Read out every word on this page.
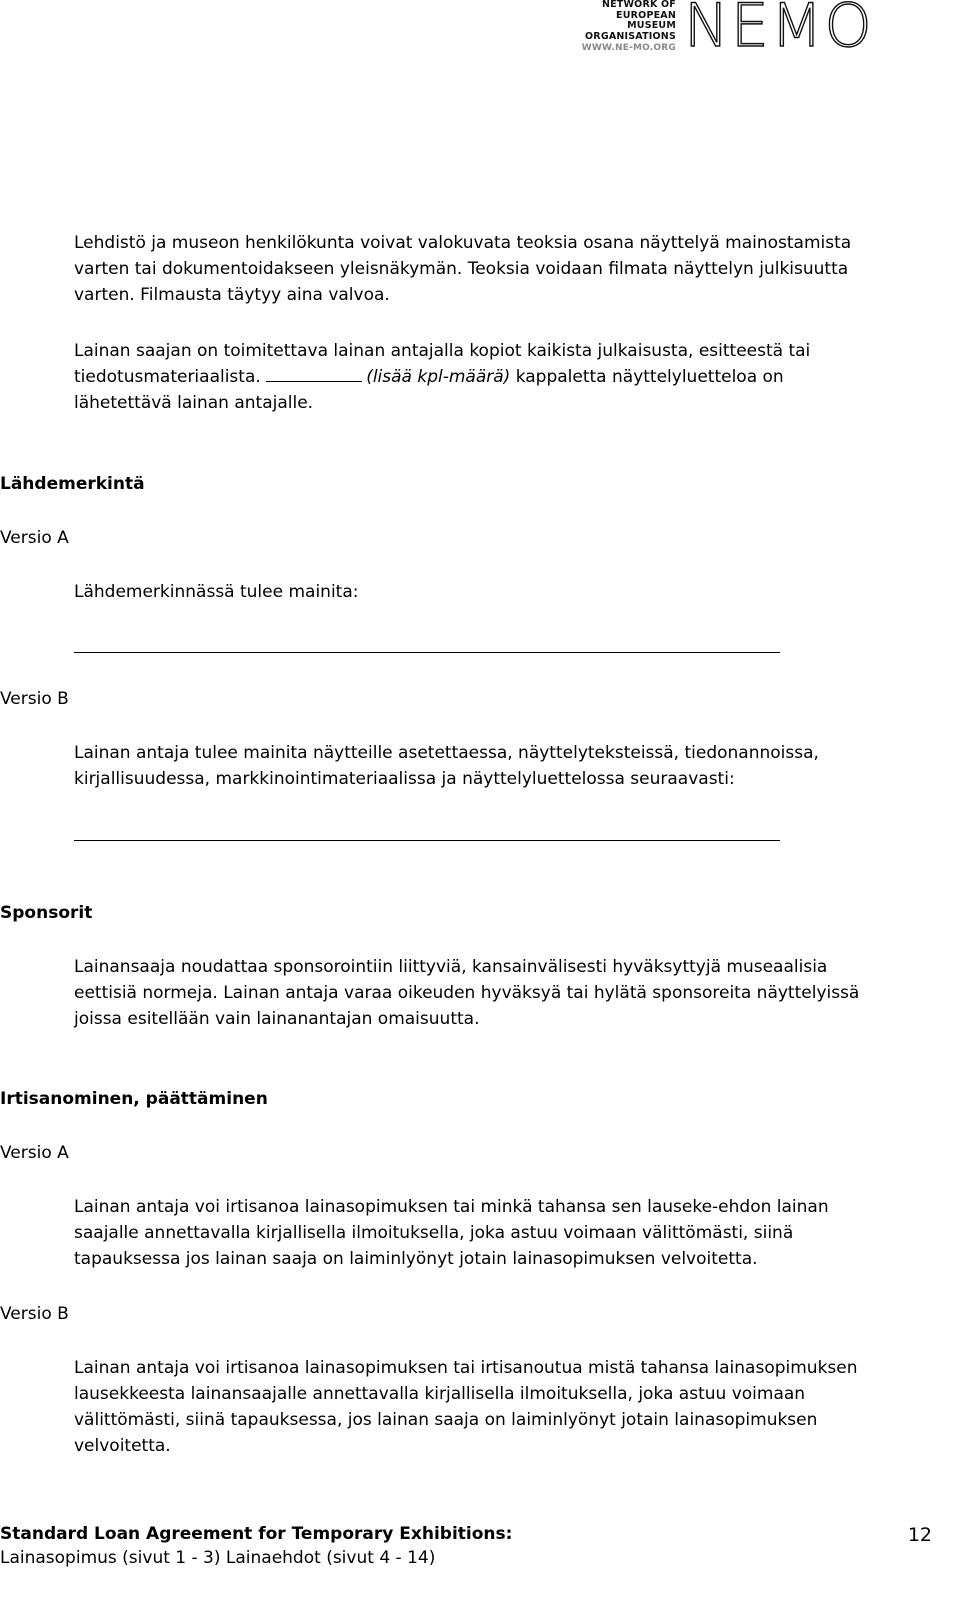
NETWORK OF
EUROPEAN
MUSEUM
ORGANISATIONS
WWW.NE-MO.ORG NEMO

Lehdistö ja museon henkilökunta voivat valokuvata teoksia osana näyttelyä mainostamista
varten tai dokumentoidakseen yleisnäkymän. Teoksia voidaan filmata näyttelyn julkisuutta
varten. Filmausta täytyy aina valvoa.

Lainan saajan on toimitettava lainan antajalla kopiot kaikista julkaisusta, esitteestä tai
tiedotusmateriaalista.	(lisää kpl-määrä) kappaletta näyttelyluetteloa on
lähetettävä lainan antajalle.

Lähdemerkintä

Versio A

Lähdemerkinnässä tulee mainita:

Versio B

Lainan antaja tulee mainita näytteille asetettaessa, näyttelyteksteissä, tiedonannoissa,
kirjallisuudessa, markkinointimateriaalissa ja näyttelyluettelossa seuraavasti:

Sponsorit

Lainansaaja noudattaa sponsorointiin liittyviä, kansainvälisesti hyväksyttyjä museaalisia
eettisiä normeja. Lainan antaja varaa oikeuden hyväksyä tai hylätä sponsoreita näyttelyissä
joissa esitellään vain lainanantajan omaisuutta.

Irtisanominen, päättäminen

Versio A

Lainan antaja voi irtisanoa lainasopimuksen tai minkä tahansa sen lauseke-ehdon lainan
saajalle annettavalla kirjallisella ilmoituksella, joka astuu voimaan välittömästi, siinä
tapauksessa jos lainan saaja on laiminlyönyt jotain lainasopimuksen velvoitetta.

Versio B

Lainan antaja voi irtisanoa lainasopimuksen tai irtisanoutua mistä tahansa lainasopimuksen
lausekkeesta lainansaajalle annettavalla kirjallisella ilmoituksella, joka astuu voimaan
välittömästi, siinä tapauksessa, jos lainan saaja on laiminlyönyt jotain lainasopimuksen
velvoitetta.

Standard Loan Agreement for Temporary Exhibitions:

Lainasopimus (sivut 1 - 3) Lainaehdot (sivut 4 - 14)

12
